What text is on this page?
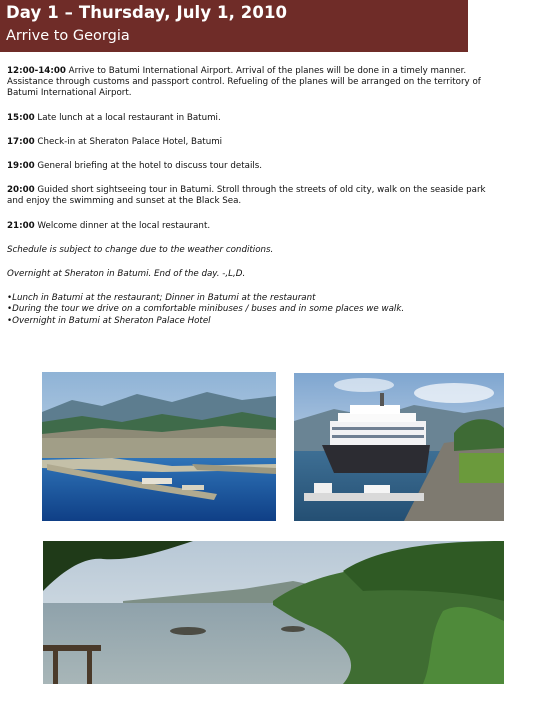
Day 1 – Thursday, July 1, 2010
Arrive to Georgia

12:00-14:00 Arrive to Batumi International Airport. Arrival of the planes will be done in a timely manner. Assistance through customs and passport control. Refueling of the planes will be arranged on the territory of Batumi International Airport.

15:00 Late lunch at a local restaurant in Batumi.

17:00 Check-in at Sheraton Palace Hotel, Batumi

19:00 General briefing at the hotel to discuss tour details.

20:00 Guided short sightseeing tour in Batumi. Stroll through the streets of old city, walk on the seaside park and enjoy the swimming and sunset at the Black Sea.

21:00 Welcome dinner at the local restaurant.

Schedule is subject to change due to the weather conditions.

Overnight at Sheraton in Batumi. End of the day. -,L,D.

•Lunch in Batumi at the restaurant; Dinner in Batumi at the restaurant
•During the tour we drive on a comfortable minibuses / buses and in some places we walk.
•Overnight in Batumi at Sheraton Palace Hotel
